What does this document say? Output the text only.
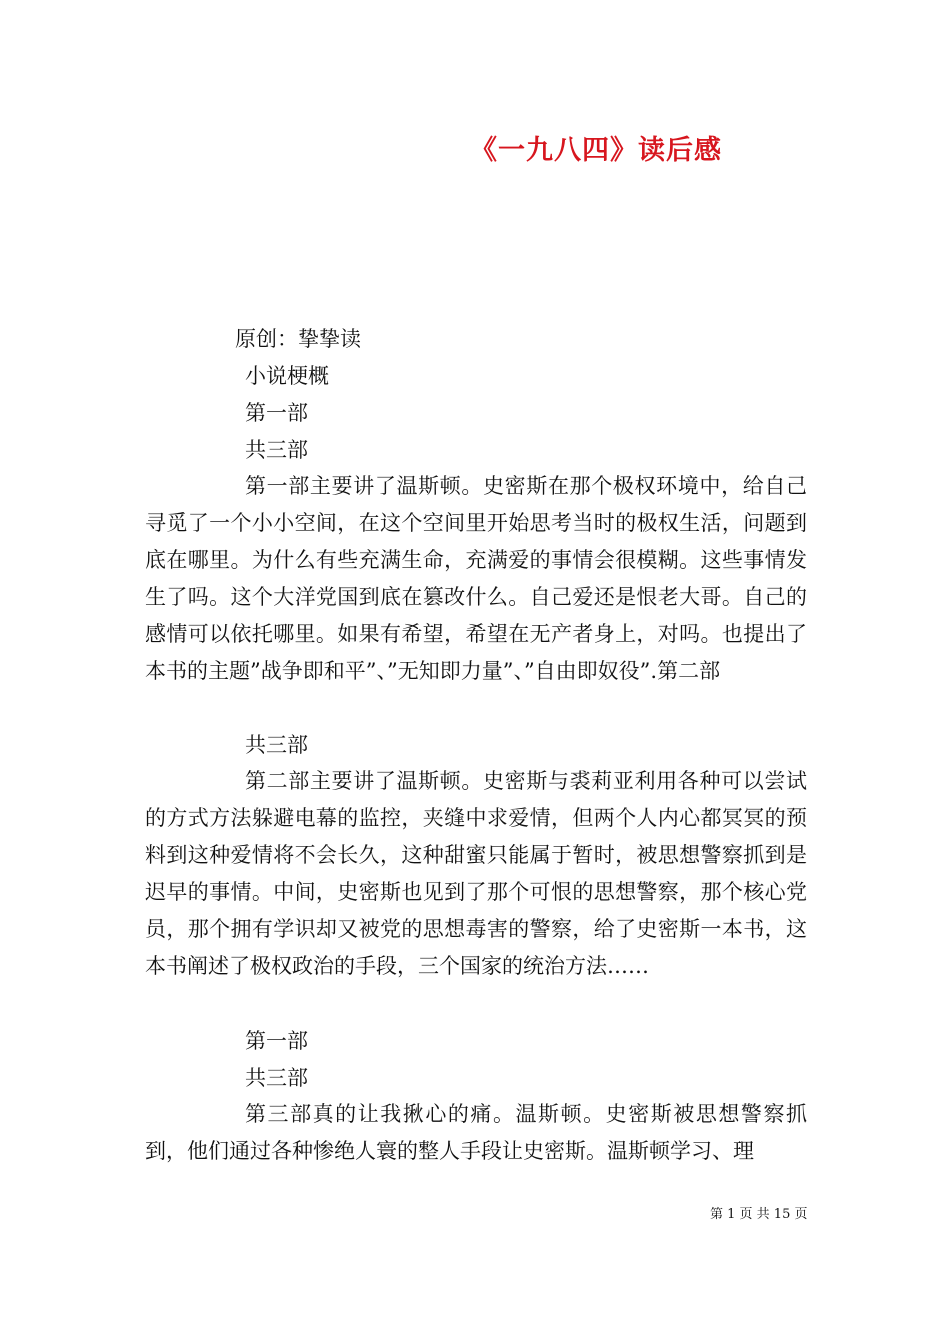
《一九八四》读后感
原创：挚挚读
小说梗概
第一部
共三部

第一部主要讲了温斯顿。史密斯在那个极权环境中，给自己寻觅了一个小小空间，在这个空间里开始思考当时的极权生活，问题到底在哪里。为什么有些充满生命，充满爱的事情会很模糊。这些事情发生了吗。这个大洋党国到底在篡改什么。自己爱还是恨老大哥。自己的感情可以依托哪里。如果有希望，希望在无产者身上，对吗。也提出了本书的主题”战争即和平”、”无知即力量”、”自由即奴役”.第二部

共三部

第二部主要讲了温斯顿。史密斯与裘莉亚利用各种可以尝试的方式方法躲避电幕的监控，夹缝中求爱情，但两个人内心都冥冥的预料到这种爱情将不会长久，这种甜蜜只能属于暂时，被思想警察抓到是迟早的事情。中间，史密斯也见到了那个可恨的思想警察，那个核心党员，那个拥有学识却又被党的思想毒害的警察，给了史密斯一本书，这本书阐述了极权政治的手段，三个国家的统治方法……

第一部
共三部

第三部真的让我揪心的痛。温斯顿。史密斯被思想警察抓到，他们通过各种惨绝人寰的整人手段让史密斯。温斯顿学习、理

第 1 页 共 15 页
